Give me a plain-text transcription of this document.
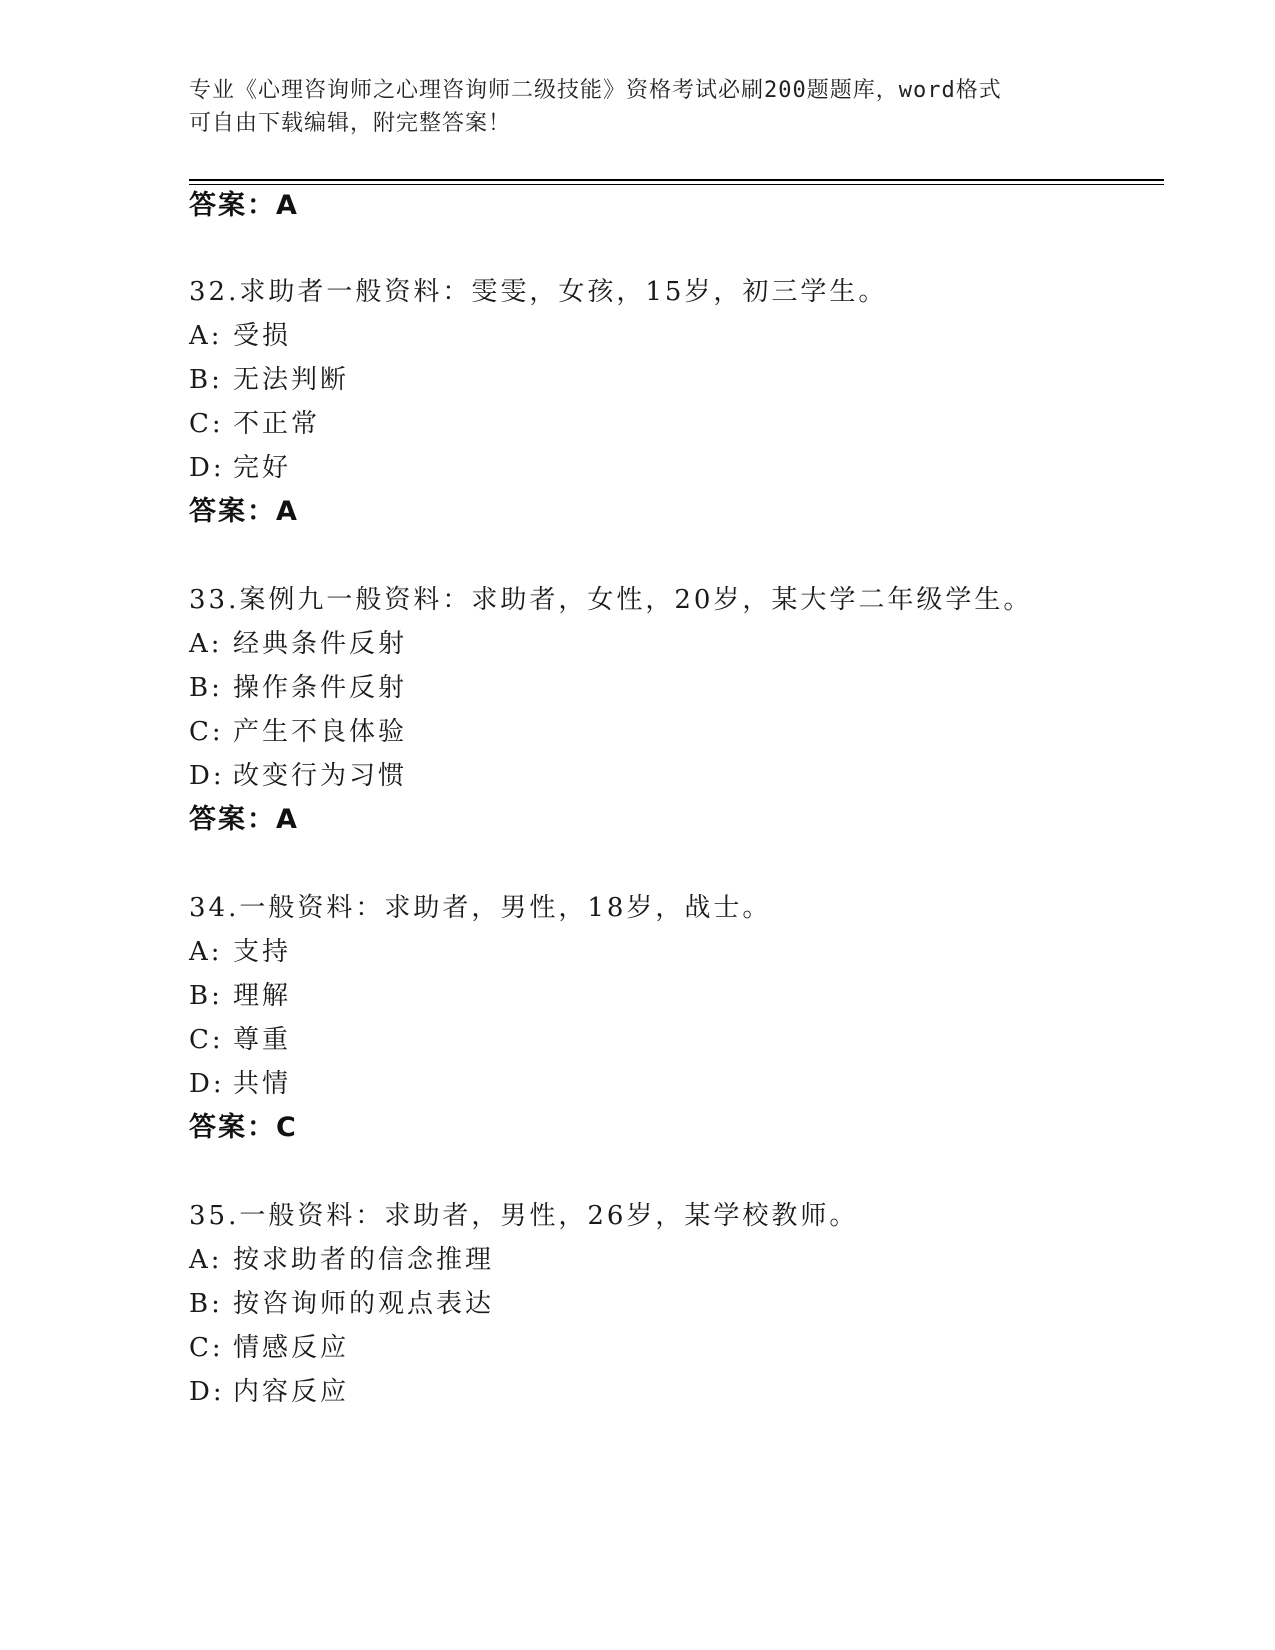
专业《心理咨询师之心理咨询师二级技能》资格考试必刷200题题库，word格式
可自由下载编辑，附完整答案！
答案：A
32.求助者一般资料：雯雯，女孩，15岁，初三学生。
A: 受损
B: 无法判断
C: 不正常
D: 完好
答案：A
33.案例九一般资料：求助者，女性，20岁，某大学二年级学生。
A: 经典条件反射
B: 操作条件反射
C: 产生不良体验
D: 改变行为习惯
答案：A
34.一般资料：求助者，男性，18岁，战士。
A: 支持
B: 理解
C: 尊重
D: 共情
答案：C
35.一般资料：求助者，男性，26岁，某学校教师。
A: 按求助者的信念推理
B: 按咨询师的观点表达
C: 情感反应
D: 内容反应
